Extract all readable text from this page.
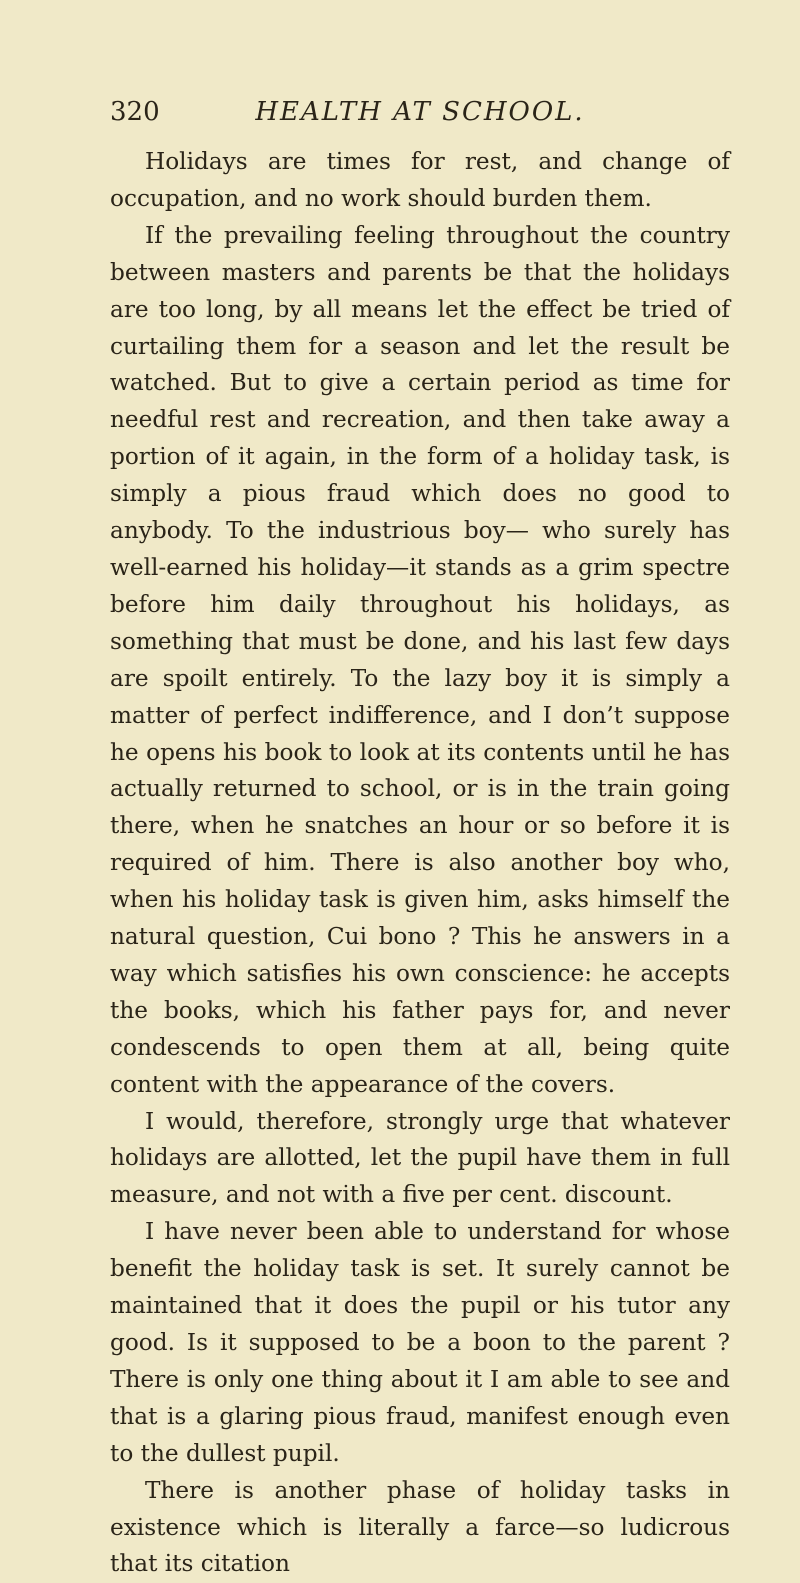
320	HEALTH AT SCHOOL.

Holidays are times for rest, and change of occupation, and no work should burden them.

If the prevailing feeling throughout the country between masters and parents be that the holidays are too long, by all means let the effect be tried of curtailing them for a season and let the result be watched. But to give a certain period as time for needful rest and recreation, and then take away a portion of it again, in the form of a holiday task, is simply a pious fraud which does no good to anybody. To the industrious boy— who surely has well-earned his holiday—it stands as a grim spectre before him daily throughout his holidays, as something that must be done, and his last few days are spoilt entirely. To the lazy boy it is simply a matter of perfect indifference, and I don’t suppose he opens his book to look at its contents until he has actually returned to school, or is in the train going there, when he snatches an hour or so before it is required of him. There is also another boy who, when his holiday task is given him, asks himself the natural question, Cui bono ? This he answers in a way which satisfies his own conscience: he accepts the books, which his father pays for, and never condescends to open them at all, being quite content with the appearance of the covers.

I would, therefore, strongly urge that whatever holidays are allotted, let the pupil have them in full measure, and not with a five per cent. discount.

I have never been able to understand for whose benefit the holiday task is set. It surely cannot be maintained that it does the pupil or his tutor any good. Is it supposed to be a boon to the parent ? There is only one thing about it I am able to see and that is a glaring pious fraud, manifest enough even to the dullest pupil.

There is another phase of holiday tasks in existence which is literally a farce—so ludicrous that its citation
